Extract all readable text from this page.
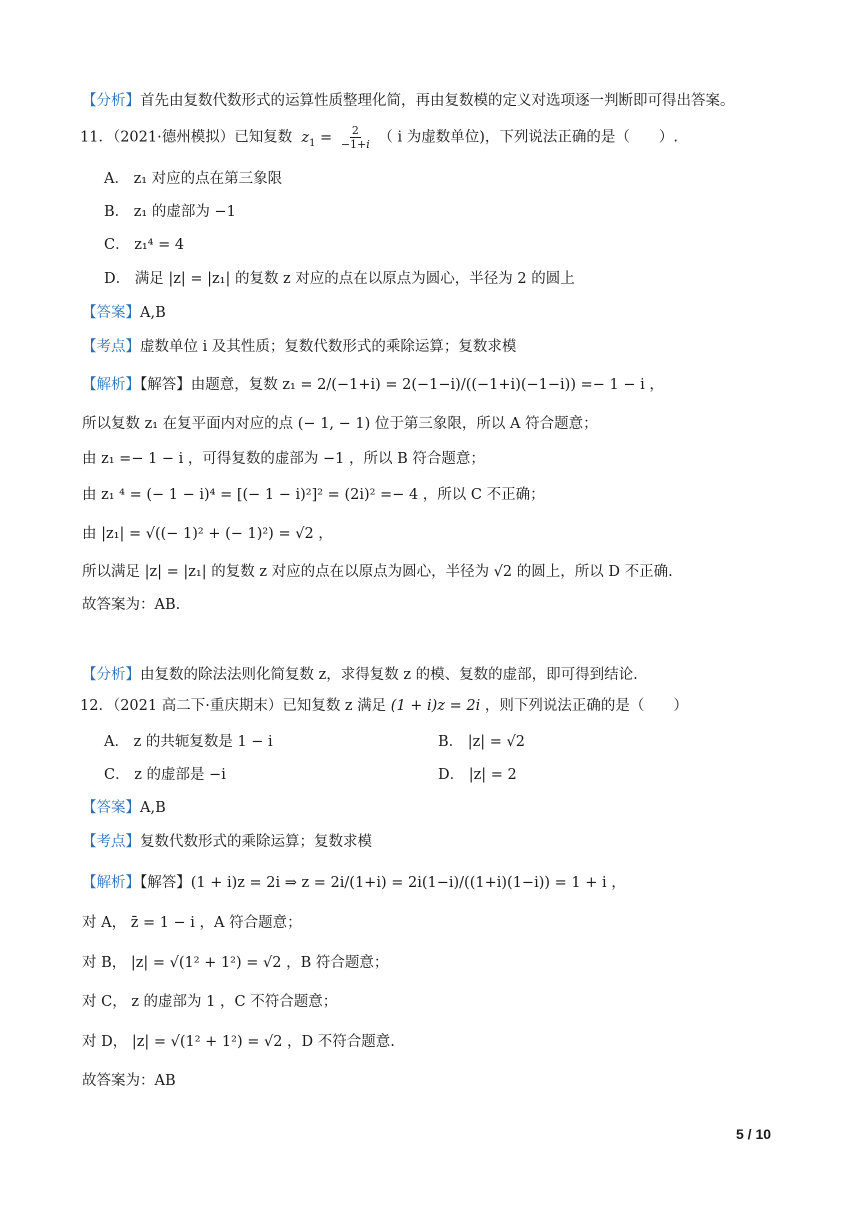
【分析】首先由复数代数形式的运算性质整理化简，再由复数模的定义对选项逐一判断即可得出答案。
11．（2021·德州模拟）已知复数 $z_1 = \frac{2}{-1+i}$ （ i 为虚数单位)，下列说法正确的是（　　）.
A． z₁ 对应的点在第三象限
B． z₁ 的虚部为 −1
C． z₁⁴ = 4
D． 满足 |z| = |z₁| 的复数 z 对应的点在以原点为圆心，半径为 2 的圆上
【答案】A,B
【考点】虚数单位 i 及其性质；复数代数形式的乘除运算；复数求模
【解析】【解答】由题意，复数 z₁ = 2/(−1+i) = 2(−1−i)/((−1+i)(−1−i)) =− 1 − i ，
所以复数 z₁ 在复平面内对应的点 (− 1, − 1) 位于第三象限，所以 A 符合题意；
由 z₁ =− 1 − i ，可得复数的虚部为 −1 ，所以 B 符合题意；
由 z₁ ⁴ = (− 1 − i)⁴ = [(− 1 − i)²]² = (2i)² =− 4 ，所以 C 不正确；
由 |z₁| = √((− 1)² + (− 1)²) = √2 ，
所以满足 |z| = |z₁| 的复数 z 对应的点在以原点为圆心，半径为 √2 的圆上，所以 D 不正确.
故答案为：AB.
【分析】由复数的除法法则化简复数 z，求得复数 z 的模、复数的虚部，即可得到结论.
12．（2021 高二下·重庆期末）已知复数 z 满足 (1 + i)z = 2i ，则下列说法正确的是（　　）
A． z 的共轭复数是 1 − i	B． |z| = √2
C． z 的虚部是 −i	D． |z| = 2
【答案】A,B
【考点】复数代数形式的乘除运算；复数求模
【解析】【解答】(1 + i)z = 2i ⇒ z = 2i/(1+i) = 2i(1−i)/((1+i)(1−i)) = 1 + i ，
对 A， z̄ = 1 − i ，A 符合题意；
对 B， |z| = √(1² + 1²) = √2 ，B 符合题意；
对 C， z 的虚部为 1 ，C 不符合题意；
对 D， |z| = √(1² + 1²) = √2 ，D 不符合题意.
故答案为：AB
5 / 10
